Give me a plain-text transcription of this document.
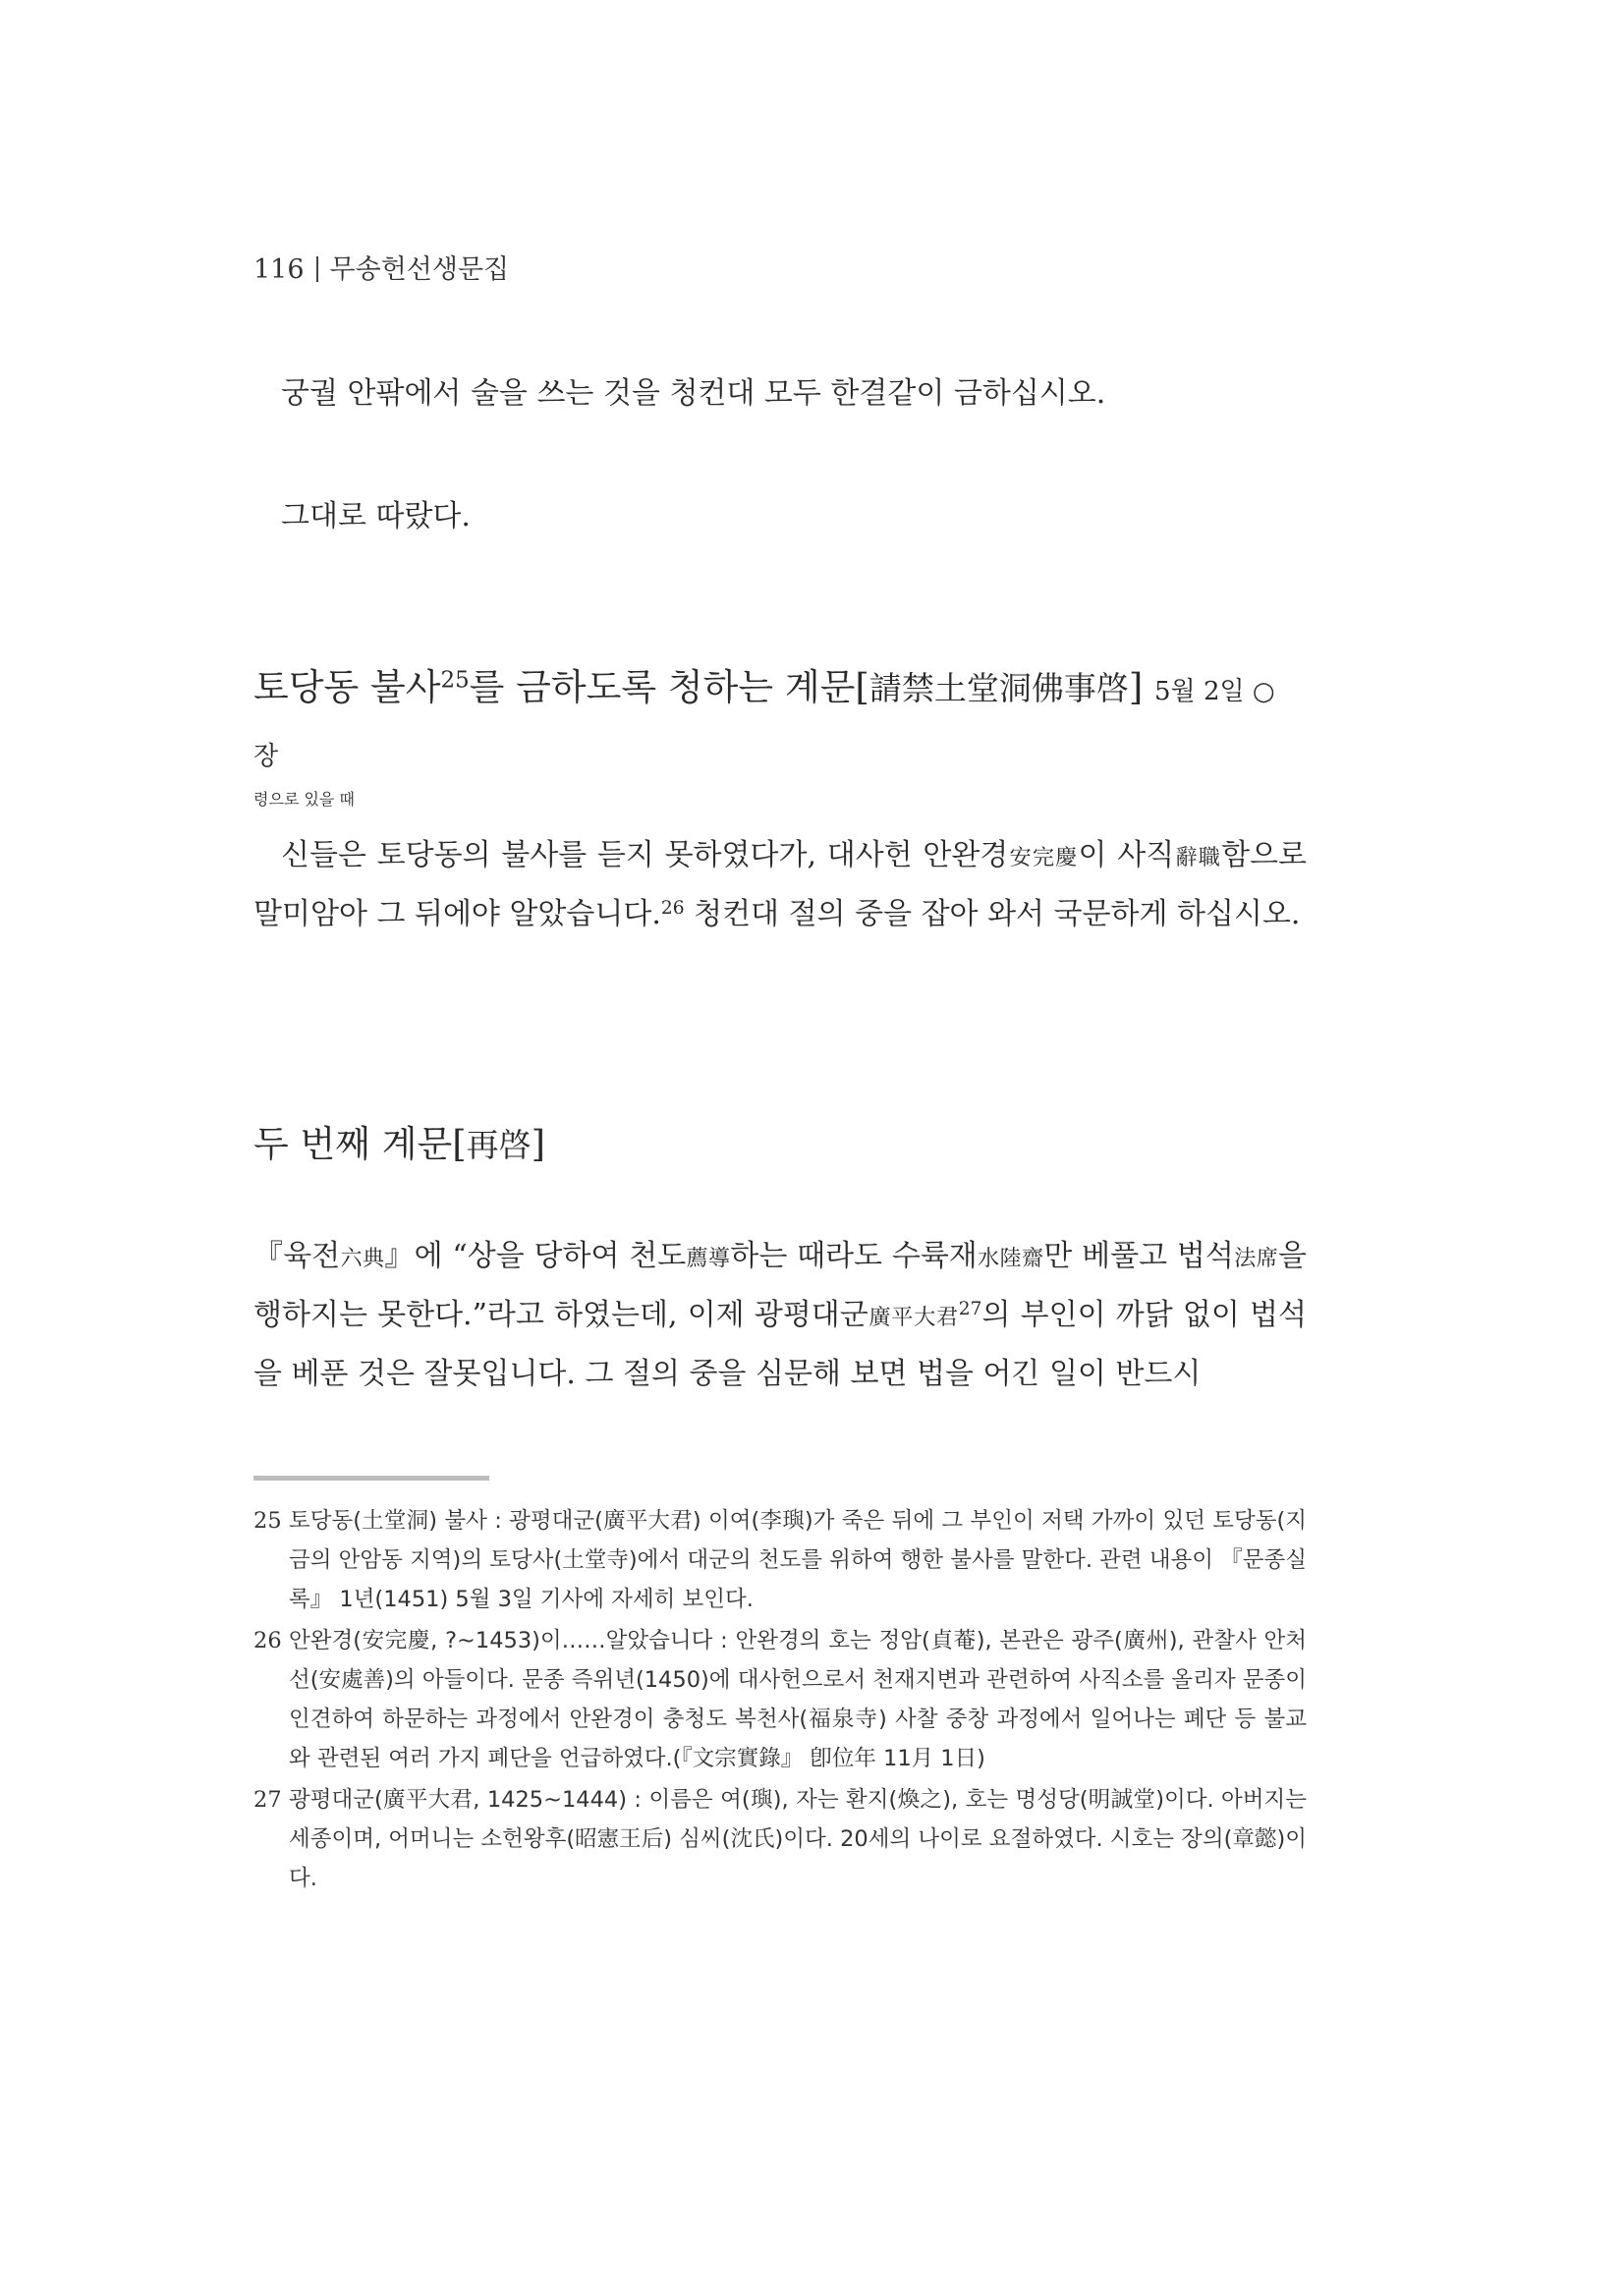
116 무송헌선생문집

궁궐 안팎에서 술을 쓰는 것을 청컨대 모두 한결같이 금하십시오.

그대로 따랐다.

토당동 불사$^{25}$를 금하도록 청하는 계문[請禁土堂洞佛事啓] 5월 2일 ○ 장

령으로 있을 때

신들은 토당동의 불사를 듣지 못하였다가, 대사헌 안완경安完慶이 사직辭職함으로 말미암아 그 뒤에야 알았습니다.$^{26}$ 청컨대 절의 중을 잡아 와서 국문하게 하십시오.

두 번째 계문[再啓]

『육전六典』에 “상을 당하여 천도薦導하는 때라도 수륙재水陸齋만 베풀고 법석法席을 행하지는 못한다.”라고 하였는데, 이제 광평대군廣平大君$^{27}$의 부인이 까닭 없이 법석을 베푼 것은 잘못입니다. 그 절의 중을 심문해 보면 법을 어긴 일이 반드시

25 토당동(土堂洞) 불사 : 광평대군(廣平大君) 이여(李璵)가 죽은 뒤에 그 부인이 저택 가까이 있던 토당동(지금의 안암동 지역)의 토당사(土堂寺)에서 대군의 천도를 위하여 행한 불사를 말한다. 관련 내용이 『문종실록』 1년(1451) 5월 3일 기사에 자세히 보인다.
26 안완경(安完慶, ?~1453)이……알았습니다 : 안완경의 호는 정암(貞菴), 본관은 광주(廣州), 관찰사 안처선(安處善)의 아들이다. 문종 즉위년(1450)에 대사헌으로서 천재지변과 관련하여 사직소를 올리자 문종이 인견하여 하문하는 과정에서 안완경이 충청도 복천사(福泉寺) 사찰 중창 과정에서 일어나는 폐단 등 불교와 관련된 여러 가지 폐단을 언급하였다.(『文宗實錄』 卽位年 11月 1日)
27 광평대군(廣平大君, 1425~1444) : 이름은 여(璵), 자는 환지(煥之), 호는 명성당(明誠堂)이다. 아버지는 세종이며, 어머니는 소헌왕후(昭憲王后) 심씨(沈氏)이다. 20세의 나이로 요절하였다. 시호는 장의(章懿)이다.
